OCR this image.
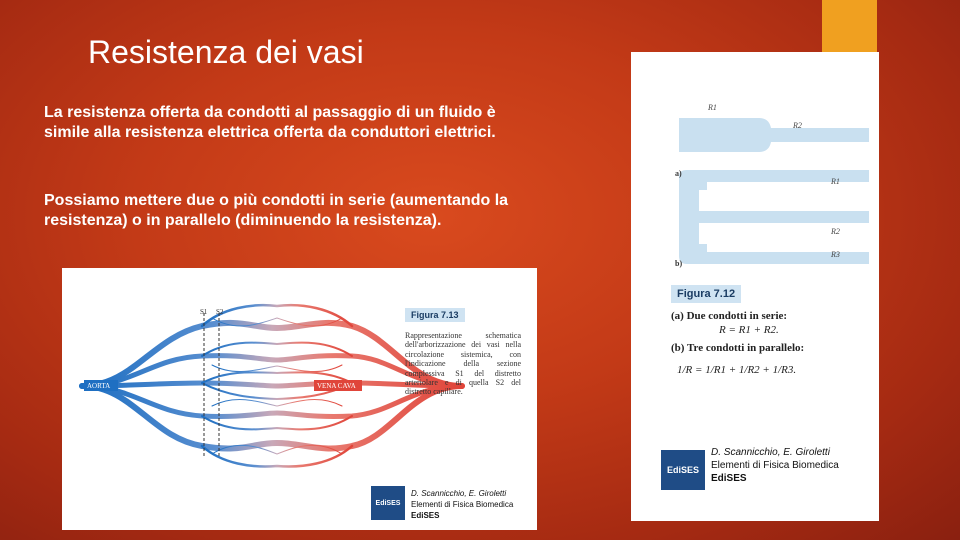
Resistenza dei vasi
La resistenza offerta da condotti al passaggio di un fluido è simile alla resistenza elettrica offerta da conduttori elettrici.
Possiamo mettere due o più condotti in serie (aumentando la resistenza) o in parallelo (diminuendo la resistenza).
S1 S2
AORTA	VENA CAVA
Figura 7.13
Rappresentazione schematica dell'arborizzazione dei vasi nella circolazione sistemica, con l'indicazione della sezione complessiva S1 del distretto arteriolare e di quella S2 del distretto capillare.
EdiSES
D. Scannicchio, E. Giroletti
Elementi di Fisica Biomedica
EdiSES
R1
R2
a)
R1
R2
R3
b)
Figura 7.12
(a) Due condotti in serie:
R = R1 + R2.
(b) Tre condotti in parallelo:
1/R = 1/R1 + 1/R2 + 1/R3.
EdiSES
D. Scannicchio, E. Giroletti
Elementi di Fisica Biomedica
EdiSES
